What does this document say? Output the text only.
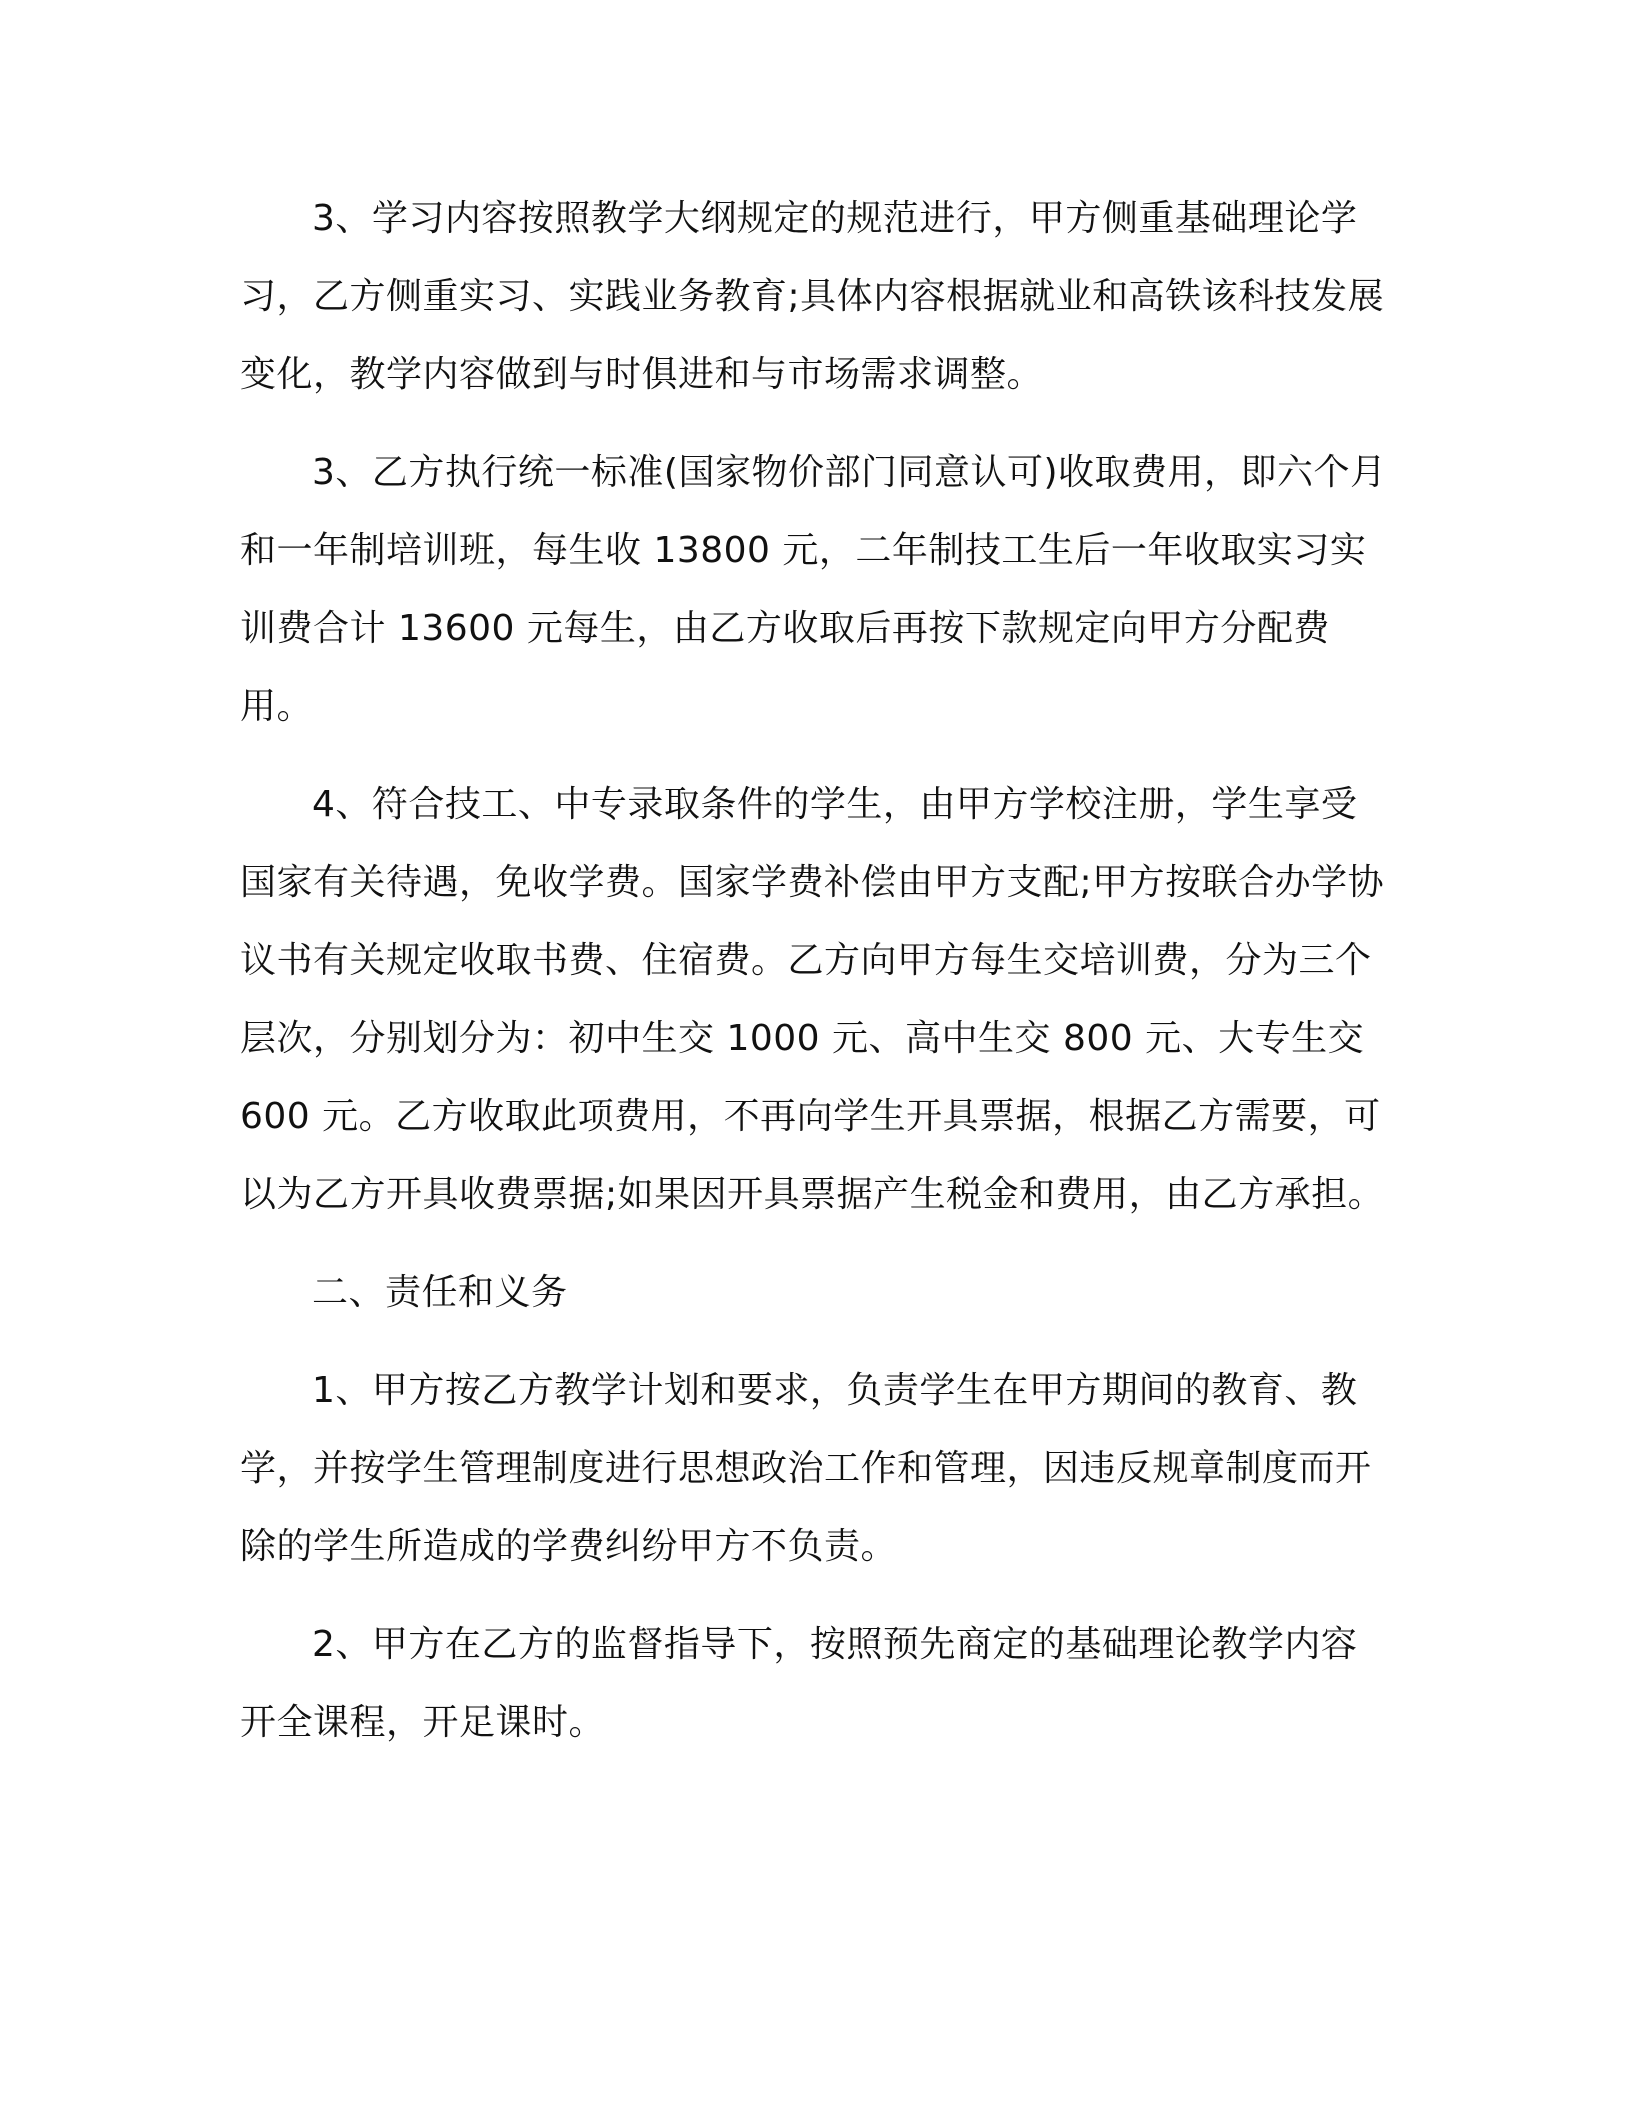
3、学习内容按照教学大纲规定的规范进行，甲方侧重基础理论学习，乙方侧重实习、实践业务教育;具体内容根据就业和高铁该科技发展变化，教学内容做到与时俱进和与市场需求调整。

3、乙方执行统一标准(国家物价部门同意认可)收取费用，即六个月和一年制培训班，每生收 13800 元，二年制技工生后一年收取实习实训费合计 13600 元每生，由乙方收取后再按下款规定向甲方分配费用。

4、符合技工、中专录取条件的学生，由甲方学校注册，学生享受国家有关待遇，免收学费。国家学费补偿由甲方支配;甲方按联合办学协议书有关规定收取书费、住宿费。乙方向甲方每生交培训费，分为三个层次，分别划分为：初中生交 1000 元、高中生交 800 元、大专生交 600 元。乙方收取此项费用，不再向学生开具票据，根据乙方需要，可以为乙方开具收费票据;如果因开具票据产生税金和费用，由乙方承担。

二、责任和义务

1、甲方按乙方教学计划和要求，负责学生在甲方期间的教育、教学，并按学生管理制度进行思想政治工作和管理，因违反规章制度而开除的学生所造成的学费纠纷甲方不负责。

2、甲方在乙方的监督指导下，按照预先商定的基础理论教学内容开全课程，开足课时。
